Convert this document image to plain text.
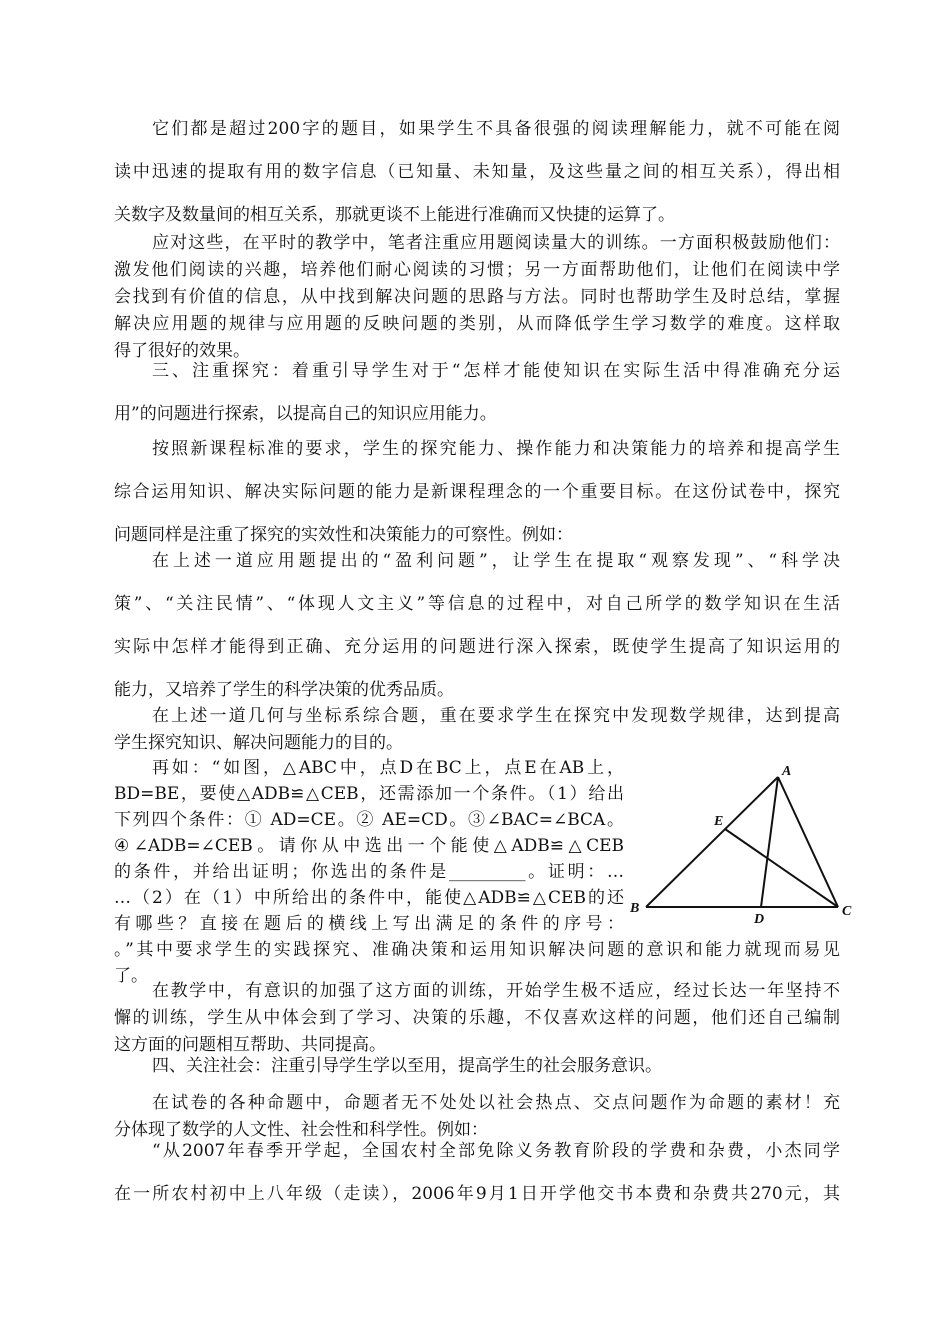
它们都是超过200字的题目，如果学生不具备很强的阅读理解能力，就不可能在阅
读中迅速的提取有用的数字信息（已知量、未知量，及这些量之间的相互关系），得出相
关数字及数量间的相互关系，那就更谈不上能进行准确而又快捷的运算了。
应对这些，在平时的教学中，笔者注重应用题阅读量大的训练。一方面积极鼓励他们：
激发他们阅读的兴趣，培养他们耐心阅读的习惯；另一方面帮助他们，让他们在阅读中学
会找到有价值的信息，从中找到解决问题的思路与方法。同时也帮助学生及时总结，掌握
解决应用题的规律与应用题的反映问题的类别，从而降低学生学习数学的难度。这样取
得了很好的效果。
三、注重探究：着重引导学生对于“怎样才能使知识在实际生活中得准确充分运
用”的问题进行探索，以提高自己的知识应用能力。
按照新课程标准的要求，学生的探究能力、操作能力和决策能力的培养和提高学生
综合运用知识、解决实际问题的能力是新课程理念的一个重要目标。在这份试卷中，探究
问题同样是注重了探究的实效性和决策能力的可察性。例如：
在上述一道应用题提出的“盈利问题”，让学生在提取“观察发现”、“科学决
策”、“关注民情”、“体现人文主义”等信息的过程中，对自己所学的数学知识在生活
实际中怎样才能得到正确、充分运用的问题进行深入探索，既使学生提高了知识运用的
能力，又培养了学生的科学决策的优秀品质。
在上述一道几何与坐标系综合题，重在要求学生在探究中发现数学规律，达到提高
学生探究知识、解决问题能力的目的。
再如：“如图，△ABC中，点D在BC上，点E在AB上，
BD=BE，要使△ADB≌△CEB，还需添加一个条件。（1）给出
下列四个条件：① AD=CE。② AE=CD。③∠BAC=∠BCA。
④∠ADB=∠CEB。请你从中选出一个能使△ADB≌△CEB
的条件，并给出证明；你选出的条件是_________。证明：…
…（2）在（1）中所给出的条件中，能使△ADB≌△CEB的还
有哪些？直接在题后的横线上写出满足的条件的序号：
。”其中要求学生的实践探究、准确决策和运用知识解决问题的意识和能力就现而易见
了。
A
B	C
D
E
在教学中，有意识的加强了这方面的训练，开始学生极不适应，经过长达一年坚持不
懈的训练，学生从中体会到了学习、决策的乐趣，不仅喜欢这样的问题，他们还自己编制
这方面的问题相互帮助、共同提高。
四、关注社会：注重引导学生学以至用，提高学生的社会服务意识。
在试卷的各种命题中，命题者无不处处以社会热点、交点问题作为命题的素材！充
分体现了数学的人文性、社会性和科学性。例如：
“从2007年春季开学起，全国农村全部免除义务教育阶段的学费和杂费，小杰同学
在一所农村初中上八年级（走读），2006年9月1日开学他交书本费和杂费共270元，其
